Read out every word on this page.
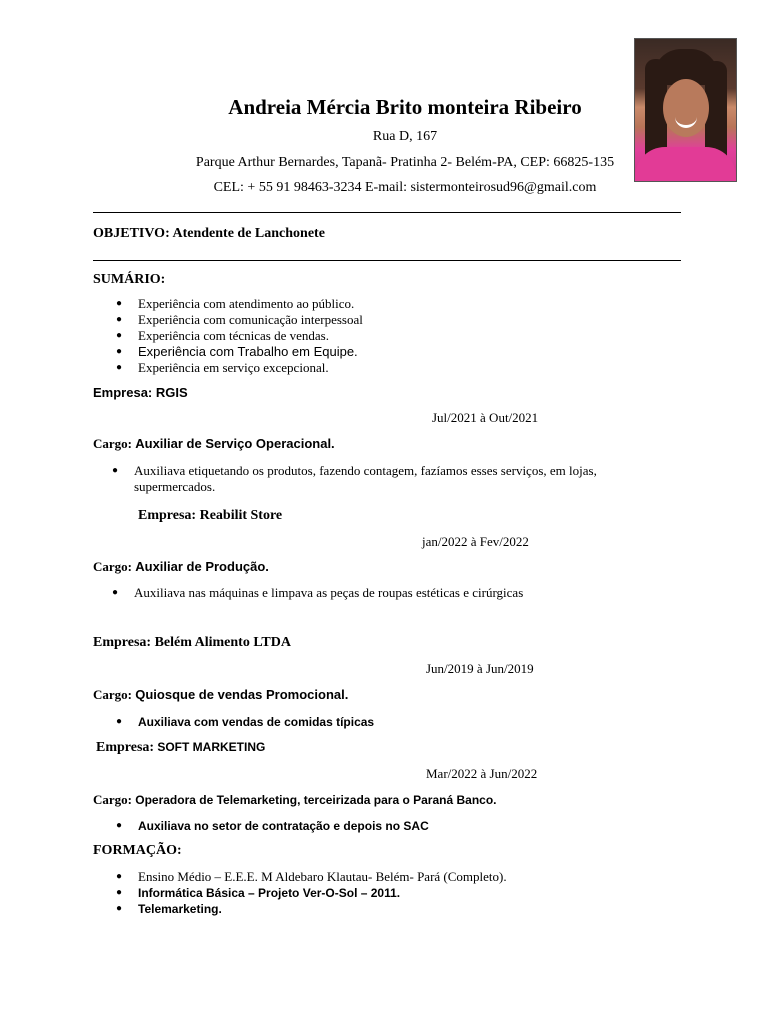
Andreia Mércia Brito monteira Ribeiro
Rua D, 167
Parque Arthur Bernardes, Tapanã- Pratinha 2- Belém-PA, CEP: 66825-135
CEL: + 55 91 98463-3234 E-mail: sistermonteirosud96@gmail.com
OBJETIVO: Atendente de Lanchonete
SUMÁRIO:
● Experiência com atendimento ao público.
● Experiência com comunicação interpessoal
● Experiência com técnicas de vendas.
● Experiência com Trabalho em Equipe.
● Experiência em serviço excepcional.
Empresa: RGIS
Jul/2021 à Out/2021
Cargo: Auxiliar de Serviço Operacional.
● Auxiliava etiquetando os produtos, fazendo contagem, fazíamos esses serviços, em lojas, supermercados.
Empresa: Reabilit Store
jan/2022 à Fev/2022
Cargo: Auxiliar de Produção.
● Auxiliava nas máquinas e limpava as peças de roupas estéticas e cirúrgicas
Empresa: Belém Alimento LTDA
Jun/2019 à Jun/2019
Cargo: Quiosque de vendas Promocional.
● Auxiliava com vendas de comidas típicas
Empresa: SOFT MARKETING
Mar/2022 à Jun/2022
Cargo: Operadora de Telemarketing, terceirizada para o Paraná Banco.
● Auxiliava no setor de contratação e depois no SAC
FORMAÇÃO:
● Ensino Médio – E.E.E. M Aldebaro Klautau- Belém- Pará (Completo).
● Informática Básica – Projeto Ver-O-Sol – 2011.
● Telemarketing.
